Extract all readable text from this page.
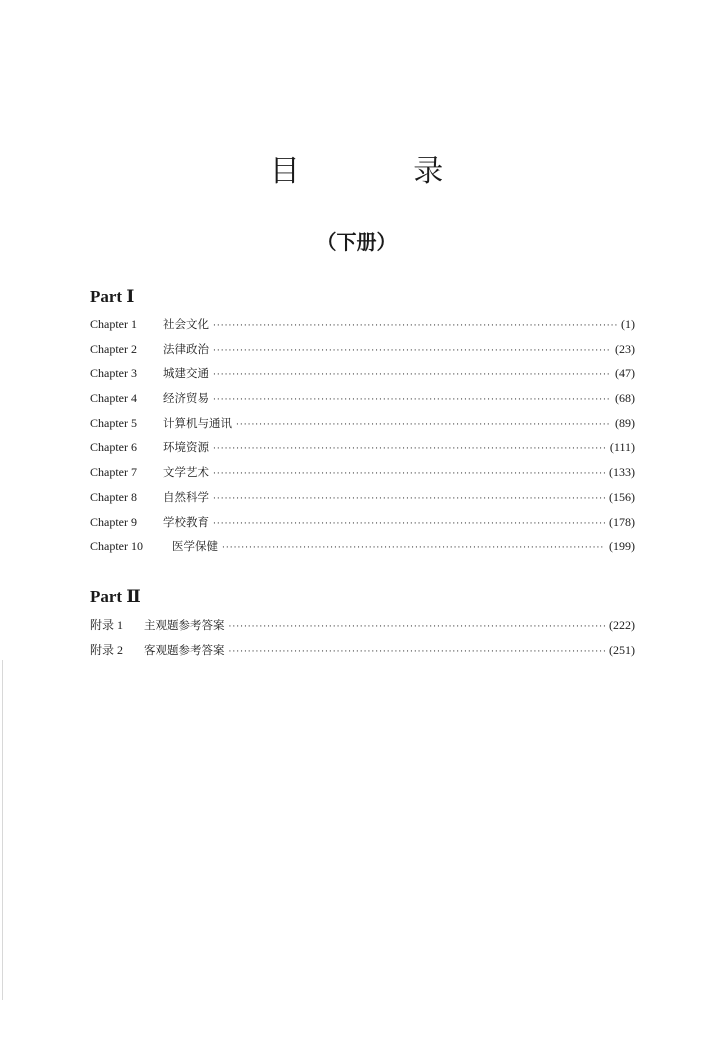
目 录
（下册）
Part Ⅰ
Chapter 1	社会文化 ·····	(1)
Chapter 2	法律政治 ·····	(23)
Chapter 3	城建交通 ·····	(47)
Chapter 4	经济贸易 ·····	(68)
Chapter 5	计算机与通讯 ·····	(89)
Chapter 6	环境资源 ·····	(111)
Chapter 7	文学艺术 ·····	(133)
Chapter 8	自然科学 ·····	(156)
Chapter 9	学校教育 ·····	(178)
Chapter 10	医学保健 ·····	(199)
Part Ⅱ
附录 1	主观题参考答案 ·····	(222)
附录 2	客观题参考答案 ·····	(251)
